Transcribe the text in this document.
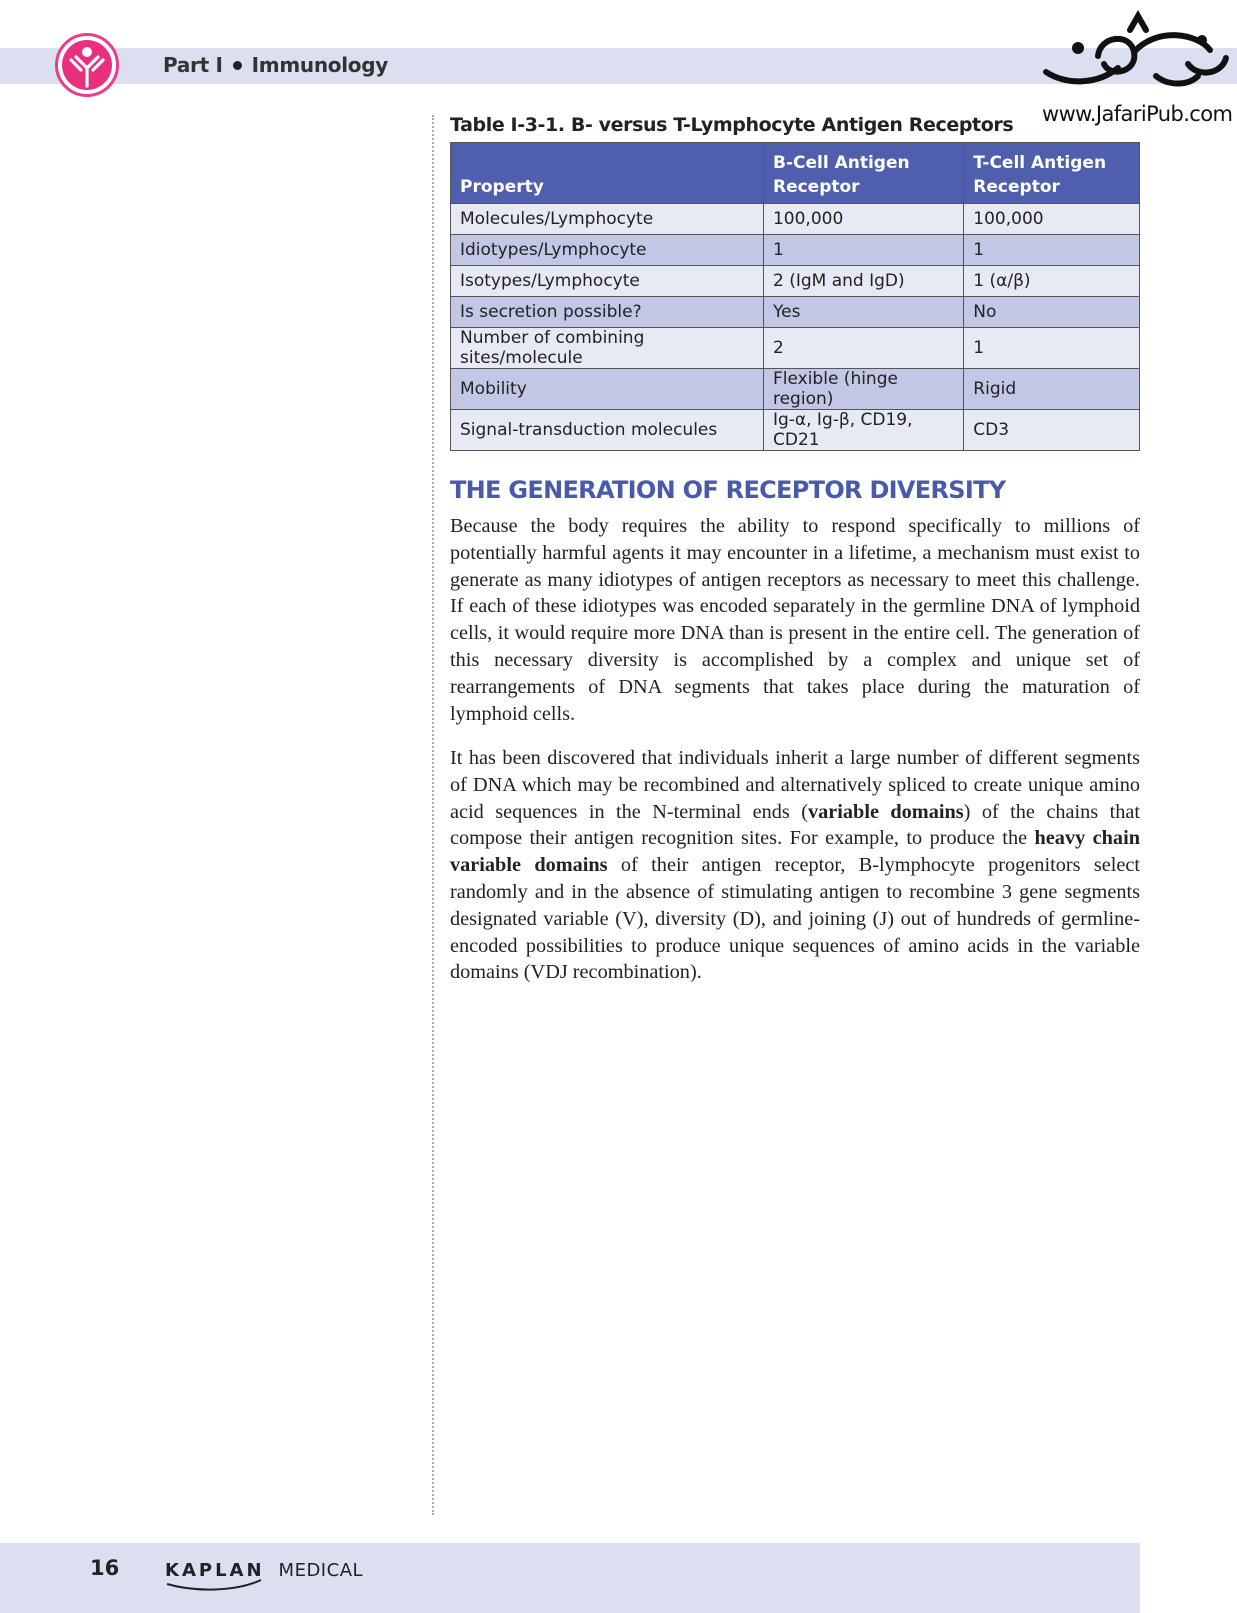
Part I Immunology
www.JafariPub.com
Table I-3-1. B- versus T-Lymphocyte Antigen Receptors
Property	B-Cell Antigen Receptor	T-Cell Antigen Receptor
Molecules/Lymphocyte	100,000	100,000
Idiotypes/Lymphocyte	1	1
Isotypes/Lymphocyte	2 (IgM and IgD)	1 (α/β)
Is secretion possible?	Yes	No
Number of combining sites/molecule	2	1
Mobility	Flexible (hinge region)	Rigid
Signal-transduction molecules	Ig-α, Ig-β, CD19, CD21	CD3
THE GENERATION OF RECEPTOR DIVERSITY

Because the body requires the ability to respond specifically to millions of potentially harmful agents it may encounter in a lifetime, a mechanism must exist to generate as many idiotypes of antigen receptors as necessary to meet this challenge. If each of these idiotypes was encoded separately in the germline DNA of lymphoid cells, it would require more DNA than is present in the entire cell. The generation of this necessary diversity is accomplished by a complex and unique set of rearrangements of DNA segments that takes place during the maturation of lymphoid cells.

It has been discovered that individuals inherit a large number of different segments of DNA which may be recombined and alternatively spliced to create unique amino acid sequences in the N-terminal ends (variable domains) of the chains that compose their antigen recognition sites. For example, to produce the heavy chain variable domains of their antigen receptor, B-lymphocyte progenitors select randomly and in the absence of stimulating antigen to recombine 3 gene segments designated variable (V), diversity (D), and joining (J) out of hundreds of germline-encoded possibilities to produce unique sequences of amino acids in the variable domains (VDJ recombination).

16	KAPLAN MEDICAL
